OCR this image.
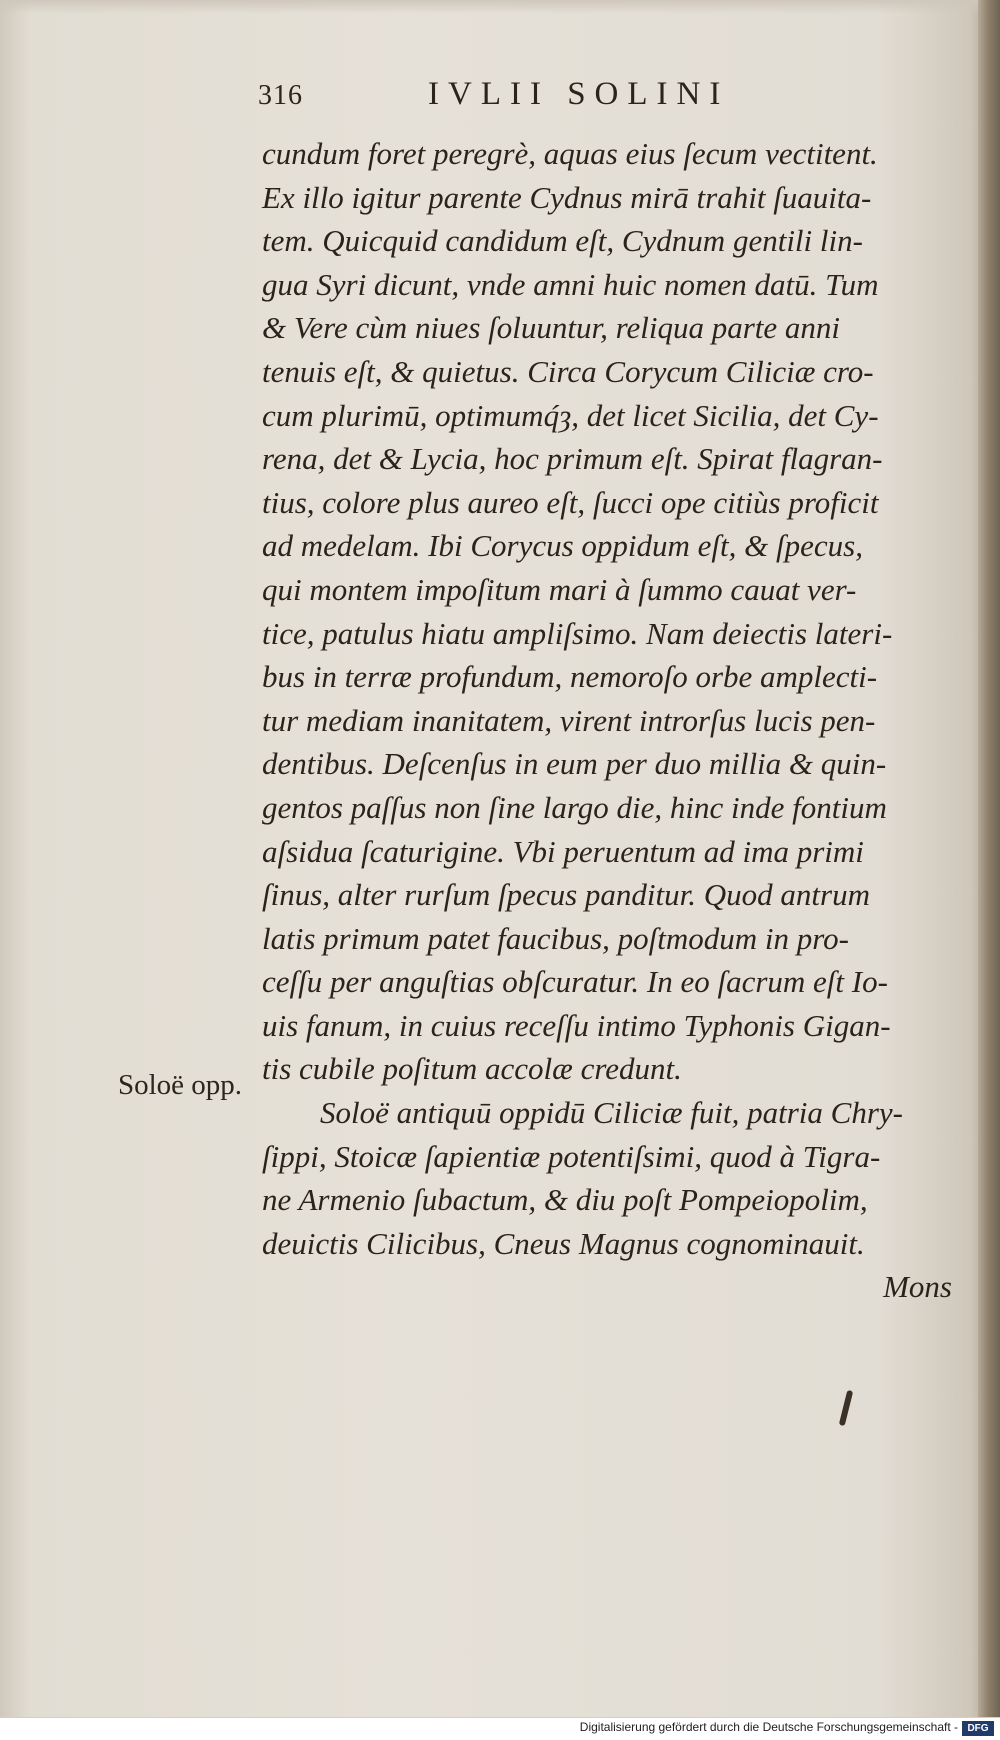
316	IVLII SOLINI
Soloë opp.
cundum foret peregrè, aquas eius ſecum vectitent.
Ex illo igitur parente Cydnus mirā trahit ſuauita-
tem. Quicquid candidum eſt, Cydnum gentili lin-
gua Syri dicunt, vnde amni huic nomen datū. Tum
& Vere cùm niues ſoluuntur, reliqua parte anni
tenuis eſt, & quietus. Circa Corycum Ciliciæ cro-
cum plurimū, optimumq́ȝ, det licet Sicilia, det Cy-
rena, det & Lycia, hoc primum eſt. Spirat flagran-
tius, colore plus aureo eſt, ſucci ope citiùs proficit
ad medelam. Ibi Corycus oppidum eſt, & ſpecus,
qui montem impoſitum mari à ſummo cauat ver-
tice, patulus hiatu ampliſsimo. Nam deiectis lateri-
bus in terræ profundum, nemoroſo orbe amplecti-
tur mediam inanitatem, virent introrſus lucis pen-
dentibus. Deſcenſus in eum per duo millia & quin-
gentos paſſus non ſine largo die, hinc inde fontium
aſsidua ſcaturigine. Vbi peruentum ad ima primi
ſinus, alter rurſum ſpecus panditur. Quod antrum
latis primum patet faucibus, poſtmodum in pro-
ceſſu per anguſtias obſcuratur. In eo ſacrum eſt Io-
uis fanum, in cuius receſſu intimo Typhonis Gigan-
tis cubile poſitum accolæ credunt.
Soloë antiquū oppidū Ciliciæ fuit, patria Chry-
ſippi, Stoicæ ſapientiæ potentiſsimi, quod à Tigra-
ne Armenio ſubactum, & diu poſt Pompeiopolim,
deuictis Cilicibus, Cneus Magnus cognominauit.
Mons
Digitalisierung gefördert durch die Deutsche Forschungsgemeinschaft - DFG
